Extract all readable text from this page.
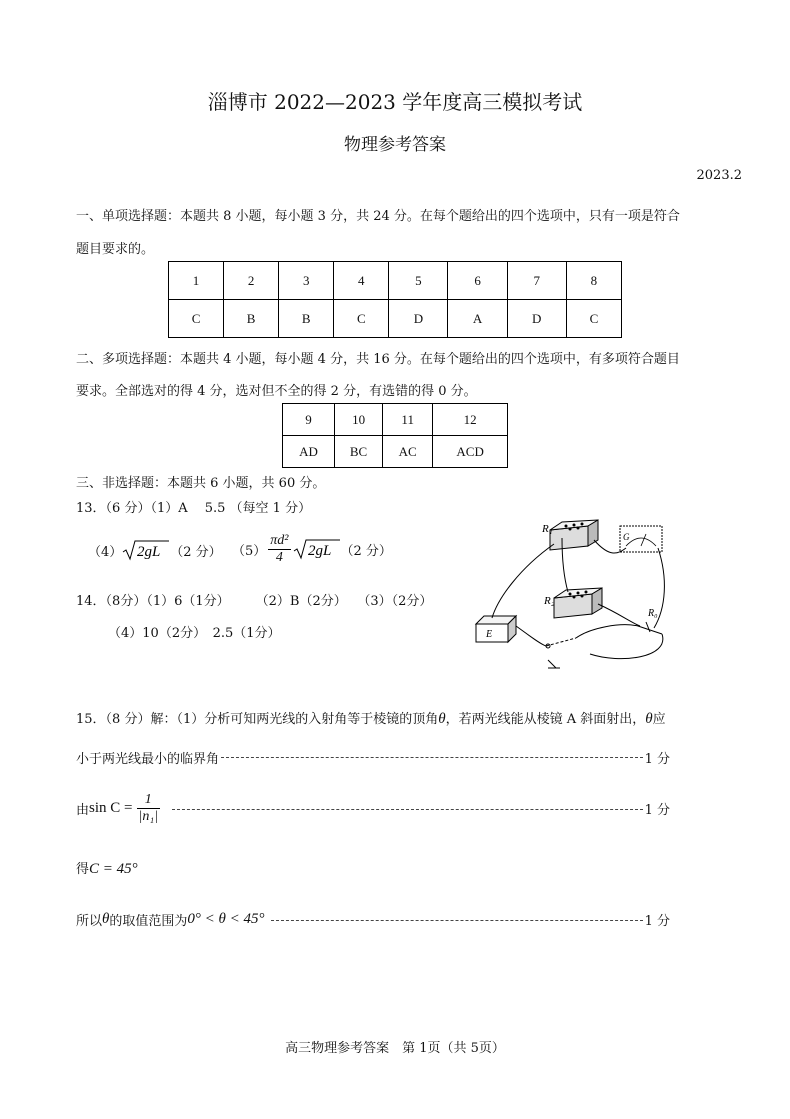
淄博市 2022—2023 学年度高三模拟考试
物理参考答案
2023.2
一、单项选择题：本题共 8 小题，每小题 3 分，共 24 分。在每个题给出的四个选项中，只有一项是符合
题目要求的。
1	2	3	4	5	6	7	8
C	B	B	C	D	A	D	C
二、多项选择题：本题共 4 小题，每小题 4 分，共 16 分。在每个题给出的四个选项中，有多项符合题目
要求。全部选对的得 4 分，选对但不全的得 2 分，有选错的得 0 分。
9	10	11	12
AD	BC	AC	ACD
三、非选择题：本题共 6 小题，共 60 分。
13．（6 分）（1）A　 5.5 （每空 1 分）
（4） 2gL （2 分） $(5) \frac{\text{πd²}}{4} 2gL$ （2 分）
14．（8分）（1）6（1分）　　　（2）B（2分）　 （3）（2分）
（4）10（2分）　2.5（1分）
R₁
R₂
G
E
R₀
15．（8 分）解：（1）分析可知两光线的入射角等于棱镜的顶角θ，若两光线能从棱镜 A 斜面射出，θ应
小于两光线最小的临界角	1 分
由 $\sin C = \frac{1}{\text{|n₁|}}$	1 分
得C = 45°
所以 θ 的取值范围为 0° < θ < 45°	1 分
高三物理参考答案　第 1页（共 5页）
